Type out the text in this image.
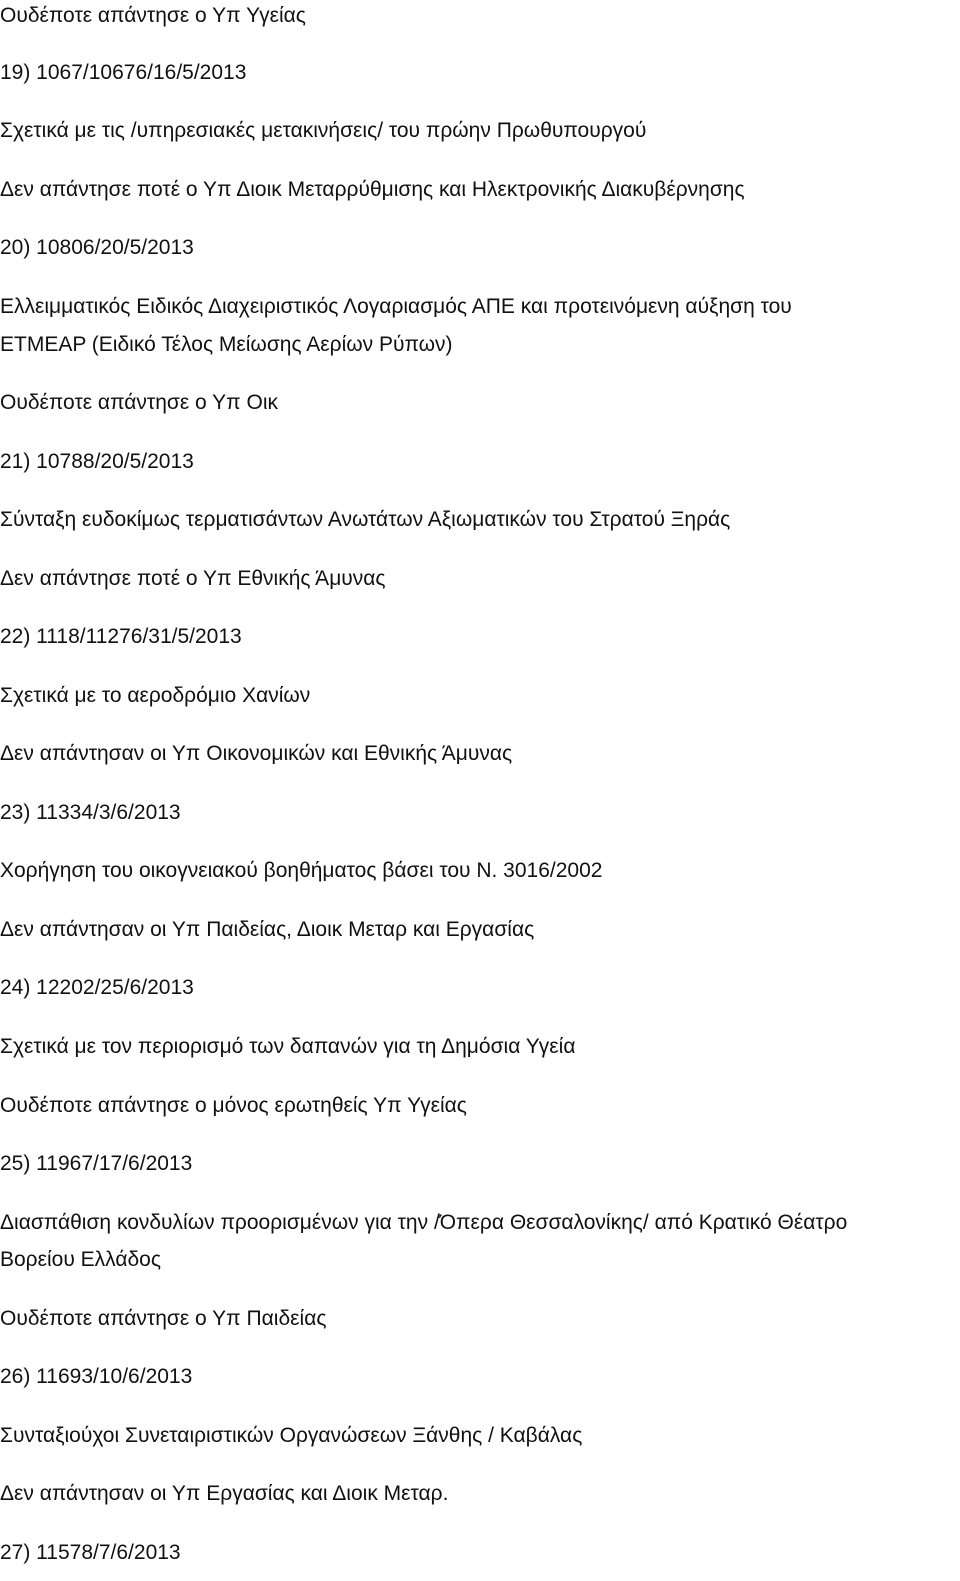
Ουδέποτε απάντησε ο Υπ Υγείας
19) 1067/10676/16/5/2013
Σχετικά με τις /υπηρεσιακές μετακινήσεις/ του πρώην Πρωθυπουργού
Δεν απάντησε ποτέ ο Υπ Διοικ Μεταρρύθμισης και Ηλεκτρονικής Διακυβέρνησης
20) 10806/20/5/2013
Ελλειμματικός Ειδικός Διαχειριστικός Λογαριασμός ΑΠΕ και προτεινόμενη αύξηση του
ΕΤΜΕΑΡ (Ειδικό Τέλος Μείωσης Αερίων Ρύπων)
Ουδέποτε απάντησε ο Υπ Οικ
21) 10788/20/5/2013
Σύνταξη ευδοκίμως τερματισάντων Ανωτάτων Αξιωματικών του Στρατού Ξηράς
Δεν απάντησε ποτέ ο Υπ Εθνικής Άμυνας
22) 1118/11276/31/5/2013
Σχετικά με το αεροδρόμιο Χανίων
Δεν απάντησαν οι Υπ Οικονομικών και Εθνικής Άμυνας
23) 11334/3/6/2013
Χορήγηση του οικογνειακού βοηθήματος βάσει του Ν. 3016/2002
Δεν απάντησαν οι Υπ Παιδείας, Διοικ Μεταρ και Εργασίας
24) 12202/25/6/2013
Σχετικά με τον περιορισμό των δαπανών για τη Δημόσια Υγεία
Ουδέποτε απάντησε ο μόνος ερωτηθείς Υπ Υγείας
25) 11967/17/6/2013
Διασπάθιση κονδυλίων προορισμένων για την /Όπερα Θεσσαλονίκης/ από Κρατικό Θέατρο
Βορείου Ελλάδος
Ουδέποτε απάντησε ο Υπ Παιδείας
26) 11693/10/6/2013
Συνταξιούχοι Συνεταιριστικών Οργανώσεων Ξάνθης / Καβάλας
Δεν απάντησαν οι Υπ Εργασίας και Διοικ Μεταρ.
27) 11578/7/6/2013
